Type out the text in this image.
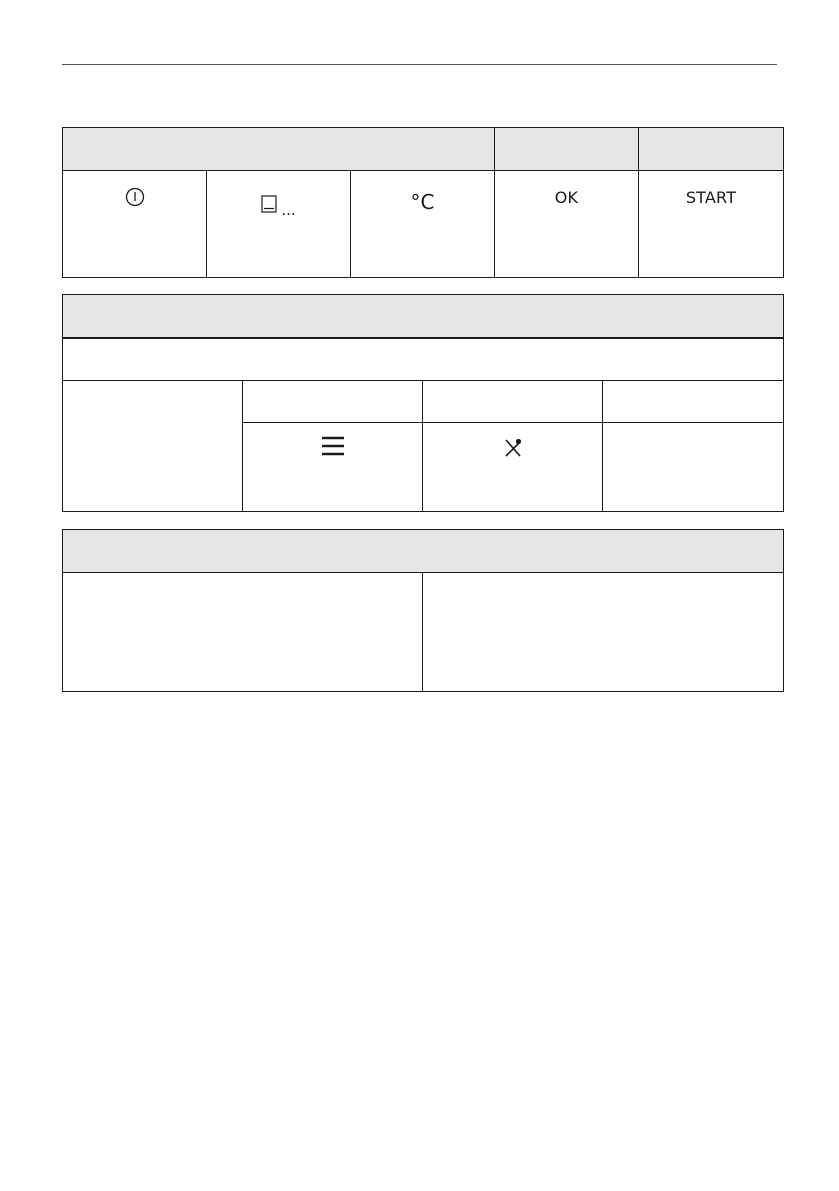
...	°C	OK	START
